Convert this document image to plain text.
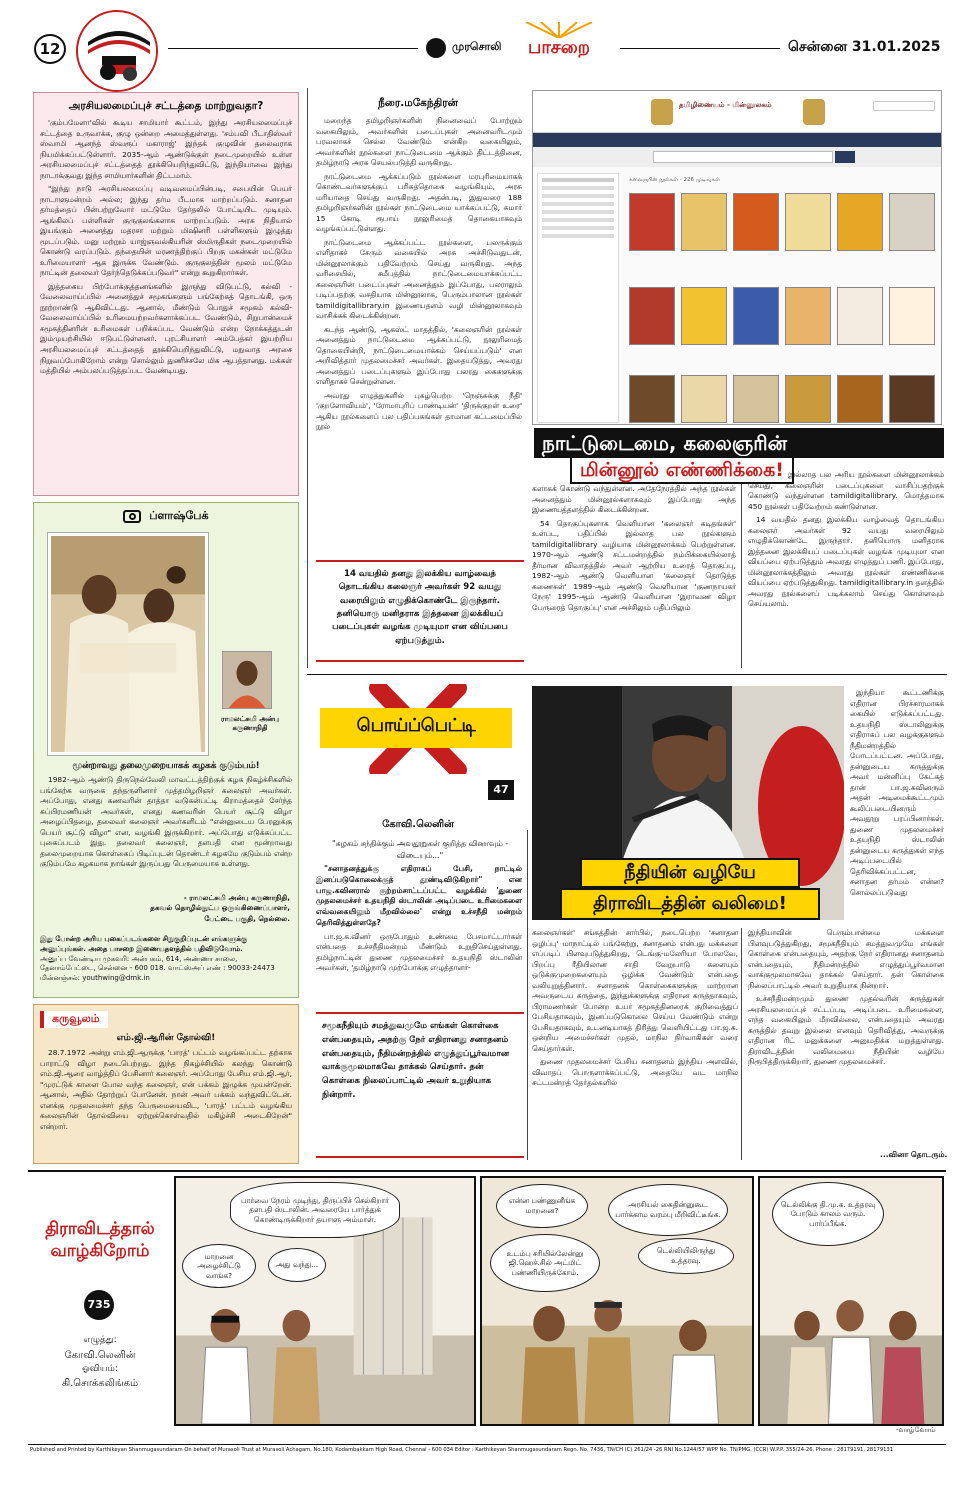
12	முரசொலி	பாசறை	சென்னை 31.01.2025
அரசியலமைப்புச் சட்டத்தை மாற்றுவதா?

'கும்பமேளா'வில் கூடிய சாமியார் கூட்டம், இந்து அரசியலமைப்புச் சட்டத்தை உருவாக்க, குழு ஒன்றை அமைத்துள்ளது. 'சம்பவி பீடாதிஸ்வர் ஸ்வாமி ஆனந்த் ஸ்வரூப் மகாராஜ்' இந்தக் குழுவின் தலைவராக நியமிக்கப்பட்டுள்ளார். 2035-ஆம் ஆண்டுக்குள் நடைமுறையில் உள்ள அரசியலமைப்புச் சட்டத்தைத் தூக்கியெறிந்துவிட்டு, இந்தியாவை இந்து நாடாக்குவது இந்த சாமியார்களின் திட்டமாம்.

"இந்து நாடு அரசியலமைப்பு வடிவமைப்பின்படி, சபையின் பெயர் நாடாளுமன்றம் அல்ல; இந்து தர்ம பீடமாக மாற்றப்படும். சனாதன தர்மத்தைப் பின்பற்றுவோர் மட்டுமே தேர்தலில் போட்டியிட முடியும். ஆங்கிலப் பள்ளிகள் குருகுலங்களாக மாற்றப்படும். அரசு நிதியால் இயங்கும் அனைத்து மதரசா மற்றும் மிஷினரி பள்ளிகளும் இழுத்து மூடப்படும். மனு மற்றும் யாஜ்ஞவல்கியரின் ஸ்மிருதிகள் நடைமுறையில் கொண்டு வரப்படும். தந்தையின் மரணத்திற்குப் பிறகு மகன்கள் மட்டுமே உரிமையாளர் ஆக இருக்க வேண்டும். குருகுலத்தின் மூலம் மட்டுமே நாட்டின் தலைவர் தேர்ந்தெடுக்கப்படுவர்" என்று கூறுகிறார்கள்.

இத்தகைய பிற்போக்குத்தனங்களில் இருந்து விடுபட்டு, கல்வி - வேலைவாய்ப்பில் அனைத்துச் சமூகங்களும் பங்கேற்கத் தொடங்கி, ஒரு நூற்றாண்டு ஆகிவிட்டது. ஆனால், மீண்டும் பொதுச் சமூகம் கல்வி-வேலைவாய்ப்பில் உரிமையற்றவர்களாக்கப்பட வேண்டும், சிறுபான்மைச் சமூகத்தினரின் உரிமைகள் பறிக்கப்பட வேண்டும் என்ற நோக்கத்துடன் இம்முயற்சியில் ஈடுபட்டுள்ளனர். புரட்சியாளர் அம்பேத்கர் இயற்றிய அரசியலமைப்புச் சட்டத்தைத் தூக்கியெறிந்துவிட்டு, மநுவாத அரசை நிறுவப்போகிறோம் என்று சொல்லும் துணிச்சலே மிக ஆபத்தானது. மக்கள் மத்தியில் அம்பலப்படுத்தப்பட வேண்டியது.

ப்ளாஷ்பேக்
ராமலட்சுமி அன்பு கருணாநிதி
மூன்றாவது தலைமுறையாகக் கழகக் குடும்பம்!

1982-ஆம் ஆண்டு திருநெல்வேலி மாவட்டத்திற்குக் கழக நிகழ்ச்சிகளில் பங்கேற்க வருகை தந்தருளினார் முத்தமிழறிஞர் கலைஞர் அவர்கள். அப்போது, எனது கணவரின் தாத்தா வடுகன்பட்டி கிராமத்தைச் சேர்ந்த சுப்பிரமணியன் அவர்கள், எனது கணவரின் பெயர் சூட்டு விழா அழைப்பிதழை, தலைவர் கலைஞர் அவர்களிடம் "என்னுடைய பேரனுக்கு பெயர் சூட்டு விழா" என, வழங்கி இருக்கிறார். அப்போது எடுக்கப்பட்ட புகைப்படம் இது. தலைவர் கலைஞர், தளபதி என மூன்றாவது தலைமுறையாக கொள்கைப் பிடிப்புடன் தொண்டர் கழகமே குடும்பம் என்ற குடும்பமே கழகமாக நாங்கள் இருப்பது பெருமையாக உள்ளது.

- ராமலட்சுமி அன்பு கருணாநிதி,
தகவல் தொழில்நுட்ப ஒருங்கிணைப்பாளர்,
பேட்டை பகுதி, நெல்லை.
இது போன்ற அரிய புகைப்படங்களை சிறுகுறிப்புடன் எங்களுக்கு அனுப்புங்கள். அதை பாசறை இணையதளத்தில் பதிவிடுவோம்.
அனுப்ப வேண்டிய முகவரி: அன்பகம், 614, அண்ணா சாலை,
தேனாம்பேட்டை, சென்னை - 600 018. வாட்ஸ்அப் எண் : 90033-24473
மின்னஞ்சல்: youthwing@dmk.in
கருவூலம்
எம்.ஜி.ஆரின் தோல்வி!

28.7.1972 அன்று எம்.ஜி.ஆருக்கு 'பாரத்' பட்டம் வழங்கப்பட்ட தற்காக பாராட்டு விழா நடைபெற்றது. இந்த நிகழ்ச்சியில் கலந்து கொண்டு எம்.ஜி.ஆரை வாழ்த்திப் பேசினார் கலைஞர். அப்போது பேசிய எம்.ஜி.ஆர், "முரட்டுக் காளை போல வந்த கலைஞர், என் பக்கம் இழுக்க முயன்றேன். ஆனால், அதில் தோற்றுப் போனேன். நான் அவர் பக்கம் வந்துவிட்டேன். எனக்கு முதலமைச்சர் தந்த பெருமையைவிட, 'பாரத்' பட்டம் வழங்கிய கலைஞரின் தோல்வியை ஏற்றுக்கொள்வதில் மகிழ்ச்சி அடைகிறேன்" என்றார்.

நீரை.மகேந்திரன்

மறைந்த தமிழறிஞர்களின் நினைவைப் போற்றும் வகையிலும், அவர்களின் படைப்புகள் அனைவரிடமும் பரவலாகச் செல்ல வேண்டும் என்கிற வகையிலும், அவர்களின் நூல்களை நாட்டுடைமை ஆக்கும் திட்டத்தினை, தமிழ்நாடு அரசு செயல்படுத்தி வருகிறது.

நாட்டுடைமை ஆக்கப்படும் நூல்களை மரபுரிமையாகக் கொண்டவர்களுக்குப் பரிசுத்தொகை வழங்கியும், அரசு மரியாதை செய்து வருகிறது. அதன்படி, இதுவரை 188 தமிழறிஞர்களின் நூல்கள் நாட்டுடைமை யாக்கப்பட்டு, சுமார் 15 கோடி ரூபாய் நூலுரிமைத் தொகையாகவும் வழங்கப்பட்டுள்ளது.

நாட்டுடைமை ஆக்கப்பட்ட நூல்களை, பலருக்கும் எளிதாகச் சேரும் வகையில் அரசு அச்சிடுவதுடன், மின்னூலாக்கும் பதிவேற்றம் செய்து வருகிறது. அந்த வரிசையில், சமீபத்தில் நாட்டுடைமையாக்கப்பட்ட கலைஞரின் படைப்புகள் அனைத்தும் இப்போது, பலராலும் படிப்பதற்கு வசதியாக மின்னூலாக, பெரும்பாலான நூல்கள் tamildigitallibrary.in இணையதளம் வழி மின்னூலாகவும் வாசிக்கக் கிடைக்கின்றன.

கடந்த ஆண்டு, ஆகஸ்ட் மாதத்தில், 'கலைஞரின் நூல்கள் அனைத்தும் நாட்டுடைமை ஆக்கப்பட்டு, நூலுரிமைத் தொகையின்றி, நாட்டுடைமையாக்கம் செய்யப்படும்' என அறிவித்தார் முதலமைச்சர் அவர்கள். இதையடுத்து, அவரது அனைத்துப் படைப்புகளும் இப்போது பலரது கைகளுக்கு எளிதாகச் சென்றுள்ளன.

அவரது எழுத்துகளில் புகழ்பெற்ற 'நெஞ்சுக்கு நீதி' 'குறளோவியம்', 'ரோமாபுரிப் பாண்டியன்' 'திருக்குறள் உரை' ஆகிய நூல்களைப் பல பதிப்பகங்கள் தாமான கட்டமைப்பில் நூல்

14 வயதில் தனது இலக்கிய வாழ்வைத் தொடங்கிய கலைஞர் அவர்கள் 92 வயது வரையிலும் எழுதிக்கொண்டே இருந்தார். தனியொரு மனிதராக இத்தனை இலக்கியப் படைப்புகள் வழங்க முடியுமா என விய்பபை ஏற்படுத்தும்.
தமிழிணையம் - மின்னூலகம்
கலைஞரின் நூல்கள் - 226 முடிவுகள்
நாட்டுடைமை, கலைஞரின்
மின்னூல் எண்ணிக்கை!

களாகக் கொண்டு வந்துள்ளன. அதேநேரத்தில் அந்த நூல்கள் அனைத்தும் மின்னூல்களாகவும் இப்போது அந்த இணையத்தளத்தில் கிடைக்கின்றன.

54 தொகுப்புகளாக வெளியான 'கலைஞர் கடிதங்கள்' உள்பட, பதிப்பில் இல்லாத பல நூல்களும் tamildigitallibrary வழியாக மின்னூலாக்கம் பெற்றுள்ளன. 1970-ஆம் ஆண்டு சட்டமன்றத்தில் நம்பிக்கையில்லாத் தீர்மான விவாதத்தில் அவர் ஆற்றிய உரைத் தொகுப்பு, 1982-ஆம் ஆண்டு வெளியான 'கலைஞர் தொடுத்த கணைகள்' 1989-ஆம் ஆண்டு வெளியான 'குணநாயகர் நேரு' 1995-ஆம் ஆண்டு வெளியான 'இராவண விழா பேருரைத் தொகுப்பு' என அச்சிலும் பதிப்பிலும்

இல்லாத பல அரிய நூல்களை மின்னூலாக்கம் செய்து, கலைஞரின் படைப்புகளை வாசிப்பதற்குக் கொண்டு வந்துள்ளன tamildigitallibrary. மொத்தமாக 450 நூல்கள் பதிவேற்றம் கண்டுள்ளன.

14 வயதில் தனது இலக்கிய வாழ்வைத் தொடங்கிய கலைஞர் அவர்கள் 92 வயது வரையிலும் எழுதிக்கொண்டே இருந்தார். தனியொரு மனிதராக இத்தனை இலக்கியப் படைப்புகள் வழங்க முடியுமா என வியப்பை ஏற்படுத்தும் அவரது எழுத்துப் பணி. இப்போது, மின்னூலாக்கத்திலும் அவரது நூல்கள் எண்ணிக்கை வியப்பை ஏற்படுத்துகிறது. tamildigitallibrary.in தளத்தில் அவரது நூல்களைப் படிக்கலாம் செய்து கொள்ளவும் செய்யலாம்.

பொய்ப்பெட்டி
47
கோவி.லெனின்
"கழகம் சந்திக்கும் அவதூறுகள் குறித்த வினாவும் - விடையும்..."

"சனாதனத்துக்கு எதிராகப் பேசி, நாட்டில் இனப்படுகொலைக்குத் தூண்டிவிடுகிறார்" என பாஜ.கவினரால் குற்றம்சாட்டப்பட்ட வழக்கில் 'துணை முதலமைச்சர் உதயநிதி ஸ்டாலின் அடிப்படை உரிமைகளை எவ்வகையிலும் மீறவில்லை' என்று உச்சநீதி மன்றம் தெரிவித்துள்ளதே?

பா.ஜ.க.வினர் ஒருபோதும் உண்மை பேசமாட்டார்கள் என்பதை உச்சநீதிமன்றம் மீண்டும் உறுதிசெய்துள்ளது. தமிழ்நாட்டின் துணை முதலமைச்சர் உதயநிதி ஸ்டாலின் அவர்கள், 'தமிழ்நாடு முற்போக்கு எழுத்தாளர்-

சமூகநீதியும் சமத்துவமுமே எங்கள் கொள்கை என்பதையும், அதற்கு நேர் எதிரானது சனாதனம் என்பதையும், நீதிமன்றத்தில் எழுத்துப்பூர்வமான வாக்குமூலமாகவே தாக்கல் செய்தார். தன் கொள்கை நிலைப்பாட்டில் அவர் உறுதியாக நின்றார்.
நீதியின் வழியே
திராவிடத்தின் வலிமை!

இந்தியா கூட்டணிக்கு எதிரான பிரச்சாரமாகக் கையில் எடுக்கப்பட்டது. உதயநிதி ஸ்டாலினுக்கு எதிராகப் பல வழக்குகளும் நீதிமன்றத்தில் போடப்பட்டன. அப்போது, தன்னுடைய கருத்துக்கு அவர் மன்னிப்பு கேட்கத் தான் பா.ஜ.கவினரும் அதன் அடிமைக்கூட்டமும் கூலிப்படையினரும் அவதூறு பரப்பினார்கள். துணை முதலமைச்சர் உதயநிதி ஸ்டாலின் தன்னுடைய கருத்துகள் எந்த அடிப்படையில் தெரிவிக்கப்பட்டன, சனாதன தர்மம் என்ன? சொல்லப்படுவது

கலைஞர்கள்' சங்கத்தின் சார்பில், நடைபெற்ற 'சனாதன ஒழிப்பு' மாநாட்டில் பங்கேற்று, சனாதனம் என்பது மக்களை எப்படிப் பிளவுபடுத்துகிறது, டெங்கு-மலேரியா போலவே, பிறப்பு ரீதியிலான சாதி வேறுபாடு களையும் ஒடுக்குமுறைகளையும் ஒழிக்க வேண்டும் என்பதை வலியுறுத்தினார். சனாதனக் கொள்கைகளுக்கு மாற்றான அவருடைய கருத்தை, இந்துக்களுக்கு எதிரான கருத்தாகவும், பிராமணர்கள் போன்ற உயர் சமூகத்தினரைக் குறிவைத்துப் பேசியதாகவும், இனப்படுகொலை செய்ய வேண்டும் என்று பேசியதாகவும், உடனடியாகத் திரித்து வெளியிட்டது பா.ஜ.க. ஒன்றிய அமைச்சர்கள் முதல், மாநில நிர்வாகிகள் வரை செய்தார்கள்.

துணை முதலமைச்சர் பேசிய சனாதனம் இந்திய அளவில், விவாதப் பொருளாக்கப்பட்டு, அதையே வட மாநில சட்டமன்றத் தேர்தல்களில்

இந்தியாவின் பெரும்பான்மை மக்களை பிளவுபடுத்துகிறது, சமூகநீதியும் சமத்துவமுமே எங்கள் கொள்கை என்பதையும், அதற்கு நேர் எதிரானது சனாதனம் என்பதையும், நீதிமன்றத்தில் எழுத்துப்பூர்வமான வாக்குமூலமாகவே தாக்கல் செய்தார். தன் கொள்கை நிலைப்பாட்டில் அவர் உறுதியாக நின்றார்.

உச்சநீதிமன்றமும் துணை முதல்வரின் கருத்துகள் அரசியலமைப்புச் சட்டப்படி அடிப்படை உரிமைகளை, எந்த வகையிலும் மீறவில்லை, என்பதையும் அவரது கருத்தில் தவறு இல்லை எனவும் தெரிவித்து, அவருக்கு எதிரான ரிட் மனுக்களை அனுமதிக்க மறுத்துள்ளது. திராவிடத்தின் வலிமையை நீதியின் வழியே நிரூபித்திருக்கிறார், துணை முதலமைச்சர்.

...வினா தொடரும்.
திராவிடத்தால்
வாழ்கிறோம்
735
எழுத்து:
கோவி.லெனின்
ஓவியம்:
கி.சொக்கலிங்கம்
பார்வை நேரம் முடிந்து, திருப்பிச் செல்கிறார் தளபதி ஸ்டாலின். அவரையே பார்த்துக் கொண்டிருக்கிறார் தயாளு அம்மாள்.
மாறனை அழைச்சிட்டு வாங்க?
அது வந்து...
என்ன பண்ணுனீங்க மாறனை?
உடம்பு சரியில்லேன்னு ஜி.ஹெச்.சில் அட்மிட் பண்ணியிருக்கோம்.
அரசியல் கைதின்னுகூட பார்க்காம வரம்பு மீறிவிட்டீங்க.
டெல்லியிலிருந்து உத்தரவு.
டெல்லிக்கு தி.மு.க. உத்தரவு போடும் காலம் வரும். பார்ப்பீங்க.
-வாழ்வோம்
Published and Printed by Karthikeyan Shanmugasundaram On behalf of Murasoli Trust at Murasoli Achagam, No.180, Kodambakkam High Road, Chennai - 600 034 Editor : Karthikeyan Shanmugasundaram Regn. No. 7436, TN/CH (C) 261/24 -26 RNI No.1244/57 WPP No. TN/PMG. (CCR) W.P.P. 355/24-26. Phone : 28179191, 28179131
